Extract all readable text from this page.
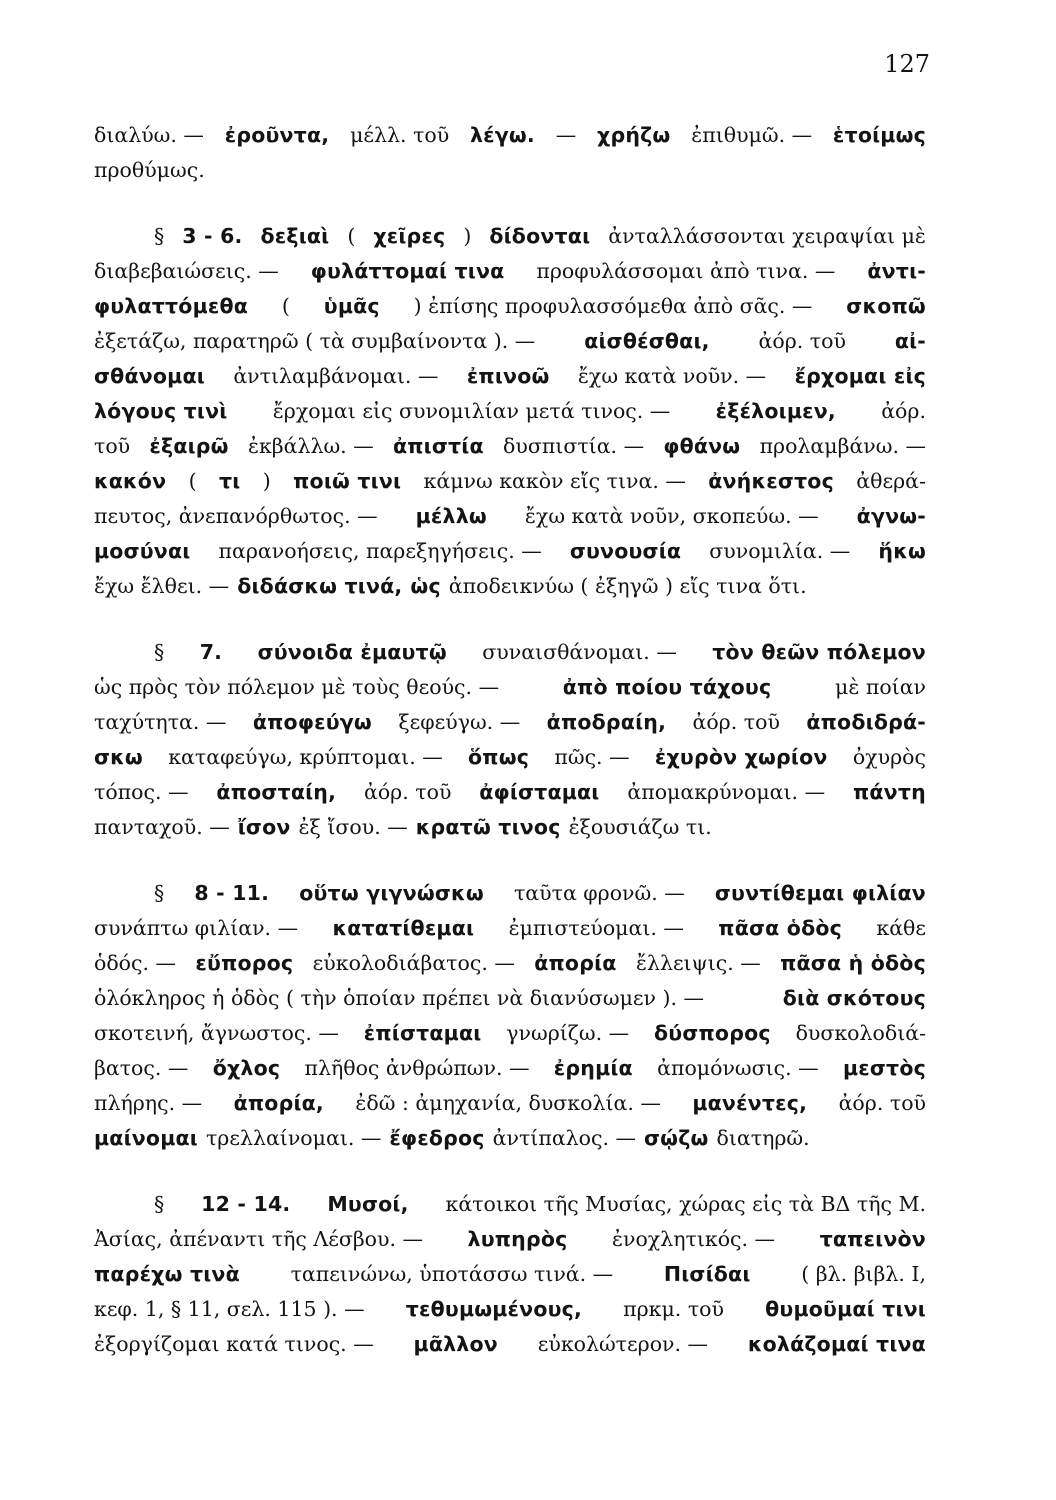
127
διαλύω. — ἐροῦντα, μέλλ. τοῦ λέγω. — χρήζω ἐπιθυμῶ. — ἑτοίμως
προθύμως.
§ 3 - 6. δεξιαὶ ( χεῖρες ) δίδονται ἀνταλλάσσονται χειραψίαι μὲ
διαβεβαιώσεις. — φυλάττομαί τινα προφυλάσσομαι ἀπὸ τινα. — ἀντι-
φυλαττόμεθα ( ὑμᾶς ) ἐπίσης προφυλασσόμεθα ἀπὸ σᾶς. — σκοπῶ
ἐξετάζω, παρατηρῶ ( τὰ συμβαίνοντα ). — αἰσθέσθαι, ἀόρ. τοῦ αἰ-
σθάνομαι ἀντιλαμβάνομαι. — ἐπινοῶ ἔχω κατὰ νοῦν. — ἔρχομαι εἰς
λόγους τινὶ ἔρχομαι εἰς συνομιλίαν μετά τινος. — ἐξέλοιμεν, ἀόρ.
τοῦ ἐξαιρῶ ἐκβάλλω. — ἀπιστία δυσπιστία. — φθάνω προλαμβάνω. —
κακόν ( τι ) ποιῶ τινι κάμνω κακὸν εἴς τινα. — ἀνήκεστος ἀθερά-
πευτος, ἀνεπανόρθωτος. — μέλλω ἔχω κατὰ νοῦν, σκοπεύω. — ἀγνω-
μοσύναι παρανοήσεις, παρεξηγήσεις. — συνουσία συνομιλία. — ἥκω
ἔχω ἔλθει. — διδάσκω τινά, ὡς ἀποδεικνύω ( ἐξηγῶ ) εἴς τινα ὅτι.
§ 7. σύνοιδα ἐμαυτῷ συναισθάνομαι. — τὸν θεῶν πόλεμον
ὡς πρὸς τὸν πόλεμον μὲ τοὺς θεούς. —	ἀπὸ ποίου τάχους	μὲ ποίαν
ταχύτητα. — ἀποφεύγω ξεφεύγω. — ἀποδραίη, ἀόρ. τοῦ ἀποδιδρά-
σκω καταφεύγω, κρύπτομαι. — ὅπως πῶς. — ἐχυρὸν χωρίον ὀχυρὸς
τόπος. — ἀποσταίη, ἀόρ. τοῦ ἀφίσταμαι ἀπομακρύνομαι. — πάντη
πανταχοῦ. — ἴσον ἐξ ἴσου. — κρατῶ τινος ἐξουσιάζω τι.
§ 8 - 11. οὕτω γιγνώσκω ταῦτα φρονῶ. — συντίθεμαι φιλίαν
συνάπτω φιλίαν. — κατατίθεμαι ἐμπιστεύομαι. — πᾶσα ὁδὸς κάθε
ὁδός. — εὔπορος εὐκολοδιάβατος. — ἀπορία ἔλλειψις. — πᾶσα ἡ ὁδὸς
ὁλόκληρος ἡ ὁδὸς ( τὴν ὁποίαν πρέπει νὰ διανύσωμεν ). —	διὰ σκότους
σκοτεινή, ἄγνωστος. — ἐπίσταμαι γνωρίζω. — δύσπορος δυσκολοδιά-
βατος. — ὄχλος πλῆθος ἀνθρώπων. — ἐρημία ἀπομόνωσις. — μεστὸς
πλήρης. — ἀπορία, ἐδῶ : ἀμηχανία, δυσκολία. — μανέντες, ἀόρ. τοῦ
μαίνομαι τρελλαίνομαι. — ἔφεδρος ἀντίπαλος. — σῴζω διατηρῶ.
§ 12 - 14. Μυσοί, κάτοικοι τῆς Μυσίας, χώρας εἰς τὰ ΒΔ τῆς Μ.
Ἀσίας, ἀπέναντι τῆς Λέσβου. — λυπηρὸς ἐνοχλητικός. — ταπεινὸν
παρέχω τινὰ ταπεινώνω, ὑποτάσσω τινά. — Πισίδαι ( βλ. βιβλ. Ι,
κεφ. 1, § 11, σελ. 115 ). — τεθυμωμένους, πρκμ. τοῦ θυμοῦμαί τινι
ἐξοργίζομαι κατά τινος. — μᾶλλον εὐκολώτερον. — κολάζομαί τινα
